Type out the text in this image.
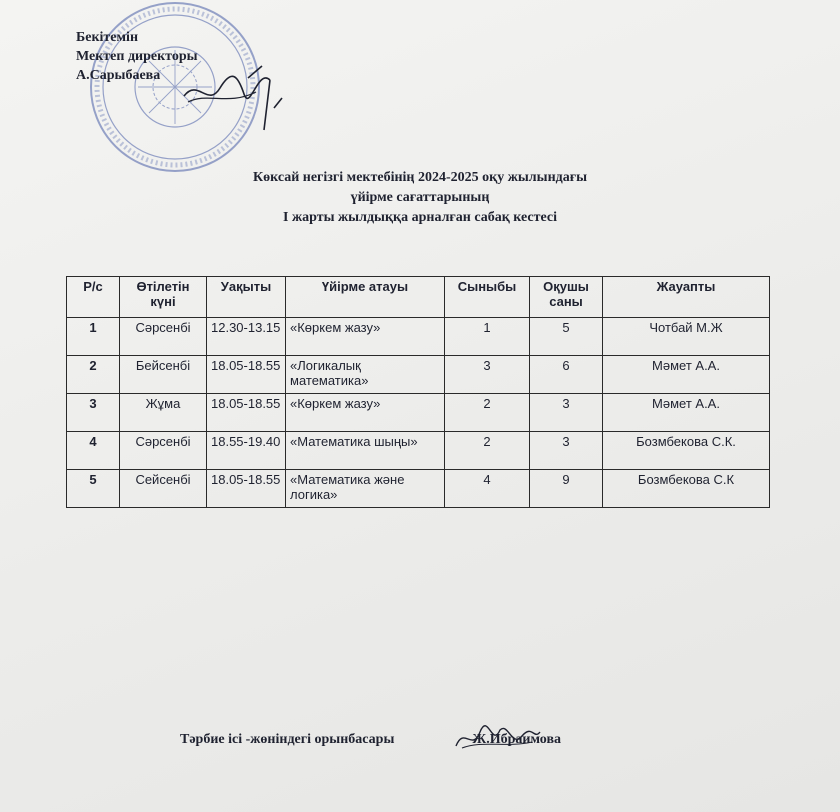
Бекітемін
Мектеп директоры
А.Сарыбаева
Көксай негізгі мектебінің 2024-2025 оқу жылындағы
үйірме сағаттарының
І жарты жылдыққа арналған сабақ кестесі
Р/с	Өтілетін күні	Уақыты	Үйірме атауы	Сыныбы	Оқушы саны	Жауапты
1	Сәрсенбі	12.30-13.15	«Көркем жазу»	1	5	Чотбай М.Ж
2	Бейсенбі	18.05-18.55	«Логикалық математика»	3	6	Мәмет А.А.
3	Жұма	18.05-18.55	«Көркем жазу»	2	3	Мәмет А.А.
4	Сәрсенбі	18.55-19.40	«Математика шыңы»	2	3	Бозмбекова С.К.
5	Сейсенбі	18.05-18.55	«Математика және логика»	4	9	Бозмбекова С.К
Тәрбие ісі -жөніндегі орынбасары	Ж.Ибраимова
